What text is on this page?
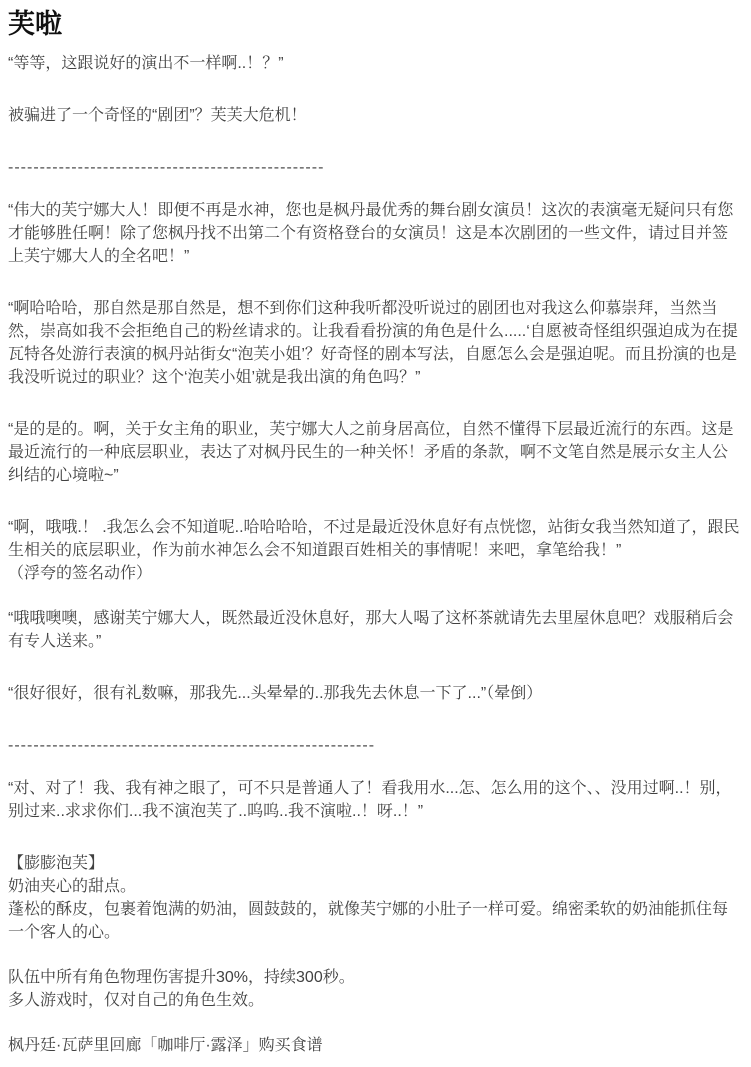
芙啦

“等等，这跟说好的演出不一样啊..！？”

被骗进了一个奇怪的“剧团”？芙芙大危机！

--------------------------------------------------

“伟大的芙宁娜大人！即便不再是水神，您也是枫丹最优秀的舞台剧女演员！这次的表演毫无疑问只有您才能够胜任啊！除了您枫丹找不出第二个有资格登台的女演员！这是本次剧团的一些文件，请过目并签上芙宁娜大人的全名吧！”

“啊哈哈哈，那自然是那自然是，想不到你们这种我听都没听说过的剧团也对我这么仰慕崇拜，当然当然，崇高如我不会拒绝自己的粉丝请求的。让我看看扮演的角色是什么.....‘自愿被奇怪组织强迫成为在提瓦特各处游行表演的枫丹站街女“泡芙小姐’？好奇怪的剧本写法，自愿怎么会是强迫呢。而且扮演的也是我没听说过的职业？这个‘泡芙小姐’就是我出演的角色吗？”

“是的是的。啊，关于女主角的职业，芙宁娜大人之前身居高位，自然不懂得下层最近流行的东西。这是最近流行的一种底层职业，表达了对枫丹民生的一种关怀！矛盾的条款，啊不文笔自然是展示女主人公纠结的心境啦~”

“啊，哦哦.！ .我怎么会不知道呢..哈哈哈哈，不过是最近没休息好有点恍惚，站街女我当然知道了，跟民生相关的底层职业，作为前水神怎么会不知道跟百姓相关的事情呢！来吧，拿笔给我！”
（浮夸的签名动作）

“哦哦噢噢，感谢芙宁娜大人，既然最近没休息好，那大人喝了这杯茶就请先去里屋休息吧？戏服稍后会有专人送来。”

“很好很好，很有礼数嘛，那我先...头晕晕的..那我先去休息一下了...”（晕倒）

----------------------------------------------------------

“对、对了！我、我有神之眼了，可不只是普通人了！看我用水...怎、怎么用的这个、、没用过啊..！别，别过来..求求你们...我不演泡芙了..呜呜..我不演啦..！呀..！”

【膨膨泡芙】
奶油夹心的甜点。
蓬松的酥皮，包裹着饱满的奶油，圆鼓鼓的，就像芙宁娜的小肚子一样可爱。绵密柔软的奶油能抓住每一个客人的心。
队伍中所有角色物理伤害提升30%，持续300秒。
多人游戏时，仅对自己的角色生效。

枫丹廷·瓦萨里回廊「咖啡厅·露泽」购买食谱
